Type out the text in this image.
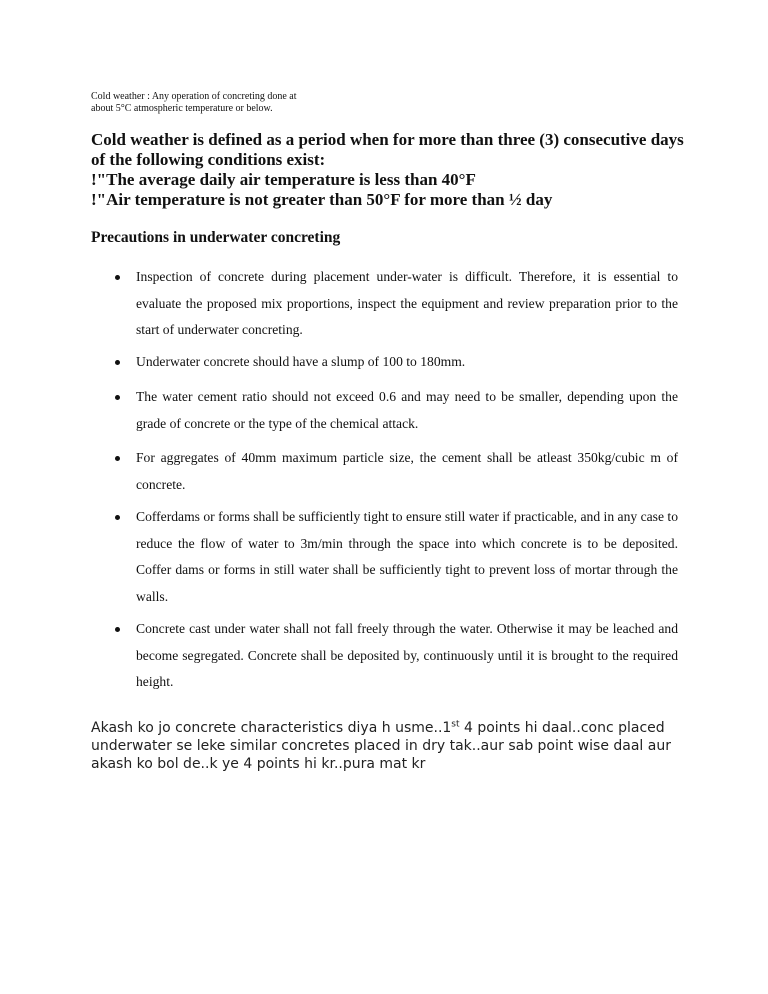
Cold weather : Any operation of concreting done at
about 5°C atmospheric temperature or below.
Cold weather is defined as a period when for more than three (3) consecutive days
of the following conditions exist:
!"The average daily air temperature is less than 40°F
!"Air temperature is not greater than 50°F for more than ½ day
Precautions in underwater concreting
Inspection of concrete during placement under-water is difficult. Therefore, it is essential to evaluate the proposed mix proportions, inspect the equipment and review preparation prior to the start of underwater concreting.
Underwater concrete should have a slump of 100 to 180mm.
The water cement ratio should not exceed 0.6 and may need to be smaller, depending upon the grade of concrete or the type of the chemical attack.
For aggregates of 40mm maximum particle size, the cement shall be atleast 350kg/cubic m of concrete.
Cofferdams or forms shall be sufficiently tight to ensure still water if practicable, and in any case to reduce the flow of water to 3m/min through the space into which concrete is to be deposited. Coffer dams or forms in still water shall be sufficiently tight to prevent loss of mortar through the walls.
Concrete cast under water shall not fall freely through the water. Otherwise it may be leached and become segregated. Concrete shall be deposited by, continuously until it is brought to the required height.
Akash ko jo concrete characteristics diya h usme..1st 4 points hi daal..conc placed underwater se leke similar concretes placed in dry tak..aur sab point wise daal aur akash ko bol de..k ye 4 points hi kr..pura mat kr
